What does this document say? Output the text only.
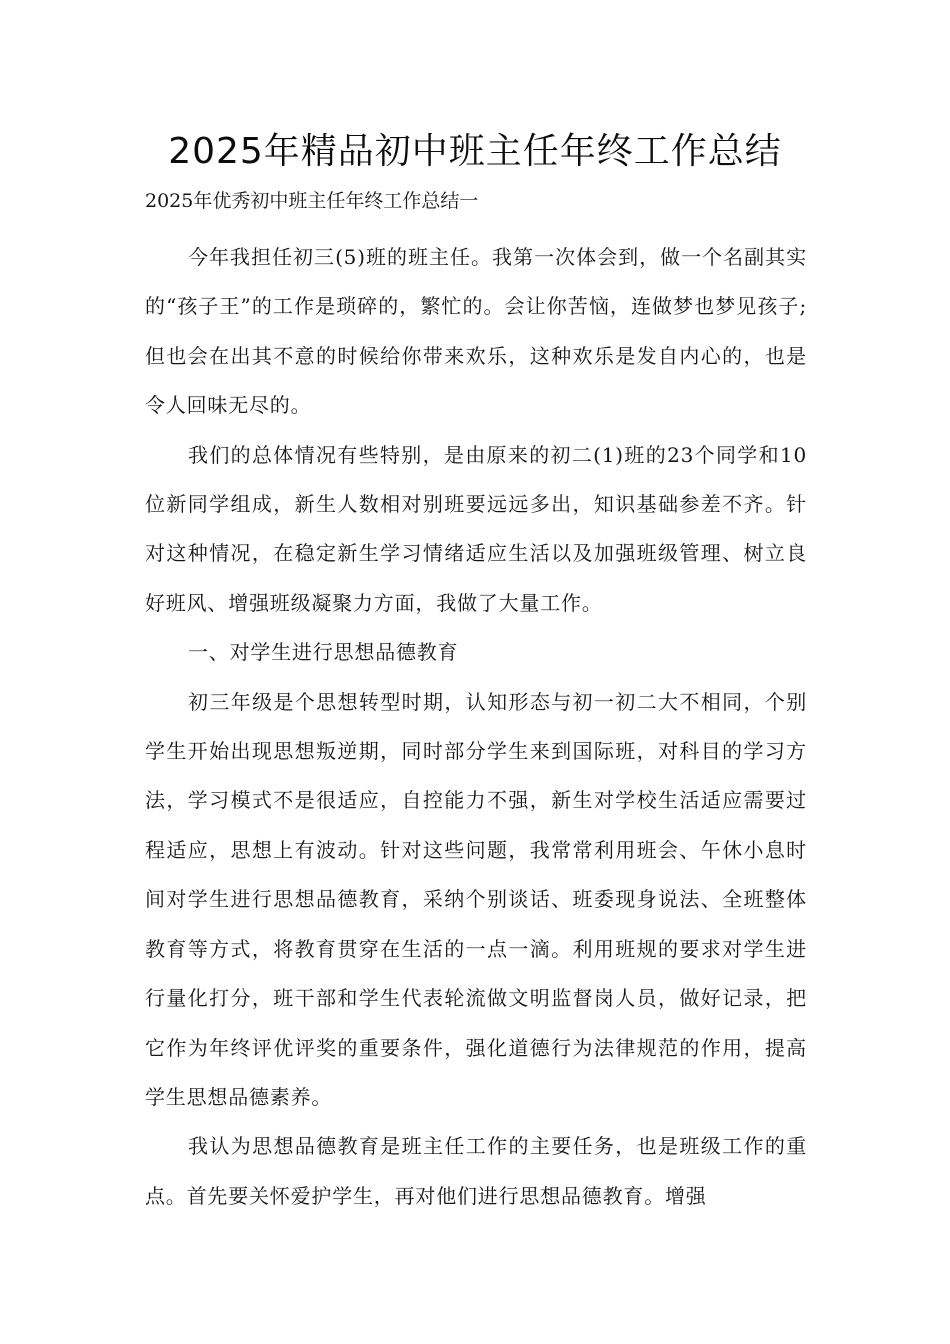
2025年精品初中班主任年终工作总结

2025年优秀初中班主任年终工作总结一

今年我担任初三(5)班的班主任。我第一次体会到，做一个名副其实的“孩子王”的工作是琐碎的，繁忙的。会让你苦恼，连做梦也梦见孩子;但也会在出其不意的时候给你带来欢乐，这种欢乐是发自内心的，也是令人回味无尽的。

我们的总体情况有些特别，是由原来的初二(1)班的23个同学和10位新同学组成，新生人数相对别班要远远多出，知识基础参差不齐。针对这种情况，在稳定新生学习情绪适应生活以及加强班级管理、树立良好班风、增强班级凝聚力方面，我做了大量工作。

一、对学生进行思想品德教育

初三年级是个思想转型时期，认知形态与初一初二大不相同，个别学生开始出现思想叛逆期，同时部分学生来到国际班，对科目的学习方法，学习模式不是很适应，自控能力不强，新生对学校生活适应需要过程适应，思想上有波动。针对这些问题，我常常利用班会、午休小息时间对学生进行思想品德教育，采纳个别谈话、班委现身说法、全班整体教育等方式，将教育贯穿在生活的一点一滴。利用班规的要求对学生进行量化打分，班干部和学生代表轮流做文明监督岗人员，做好记录，把它作为年终评优评奖的重要条件，强化道德行为法律规范的作用，提高学生思想品德素养。

我认为思想品德教育是班主任工作的主要任务，也是班级工作的重点。首先要关怀爱护学生，再对他们进行思想品德教育。增强
